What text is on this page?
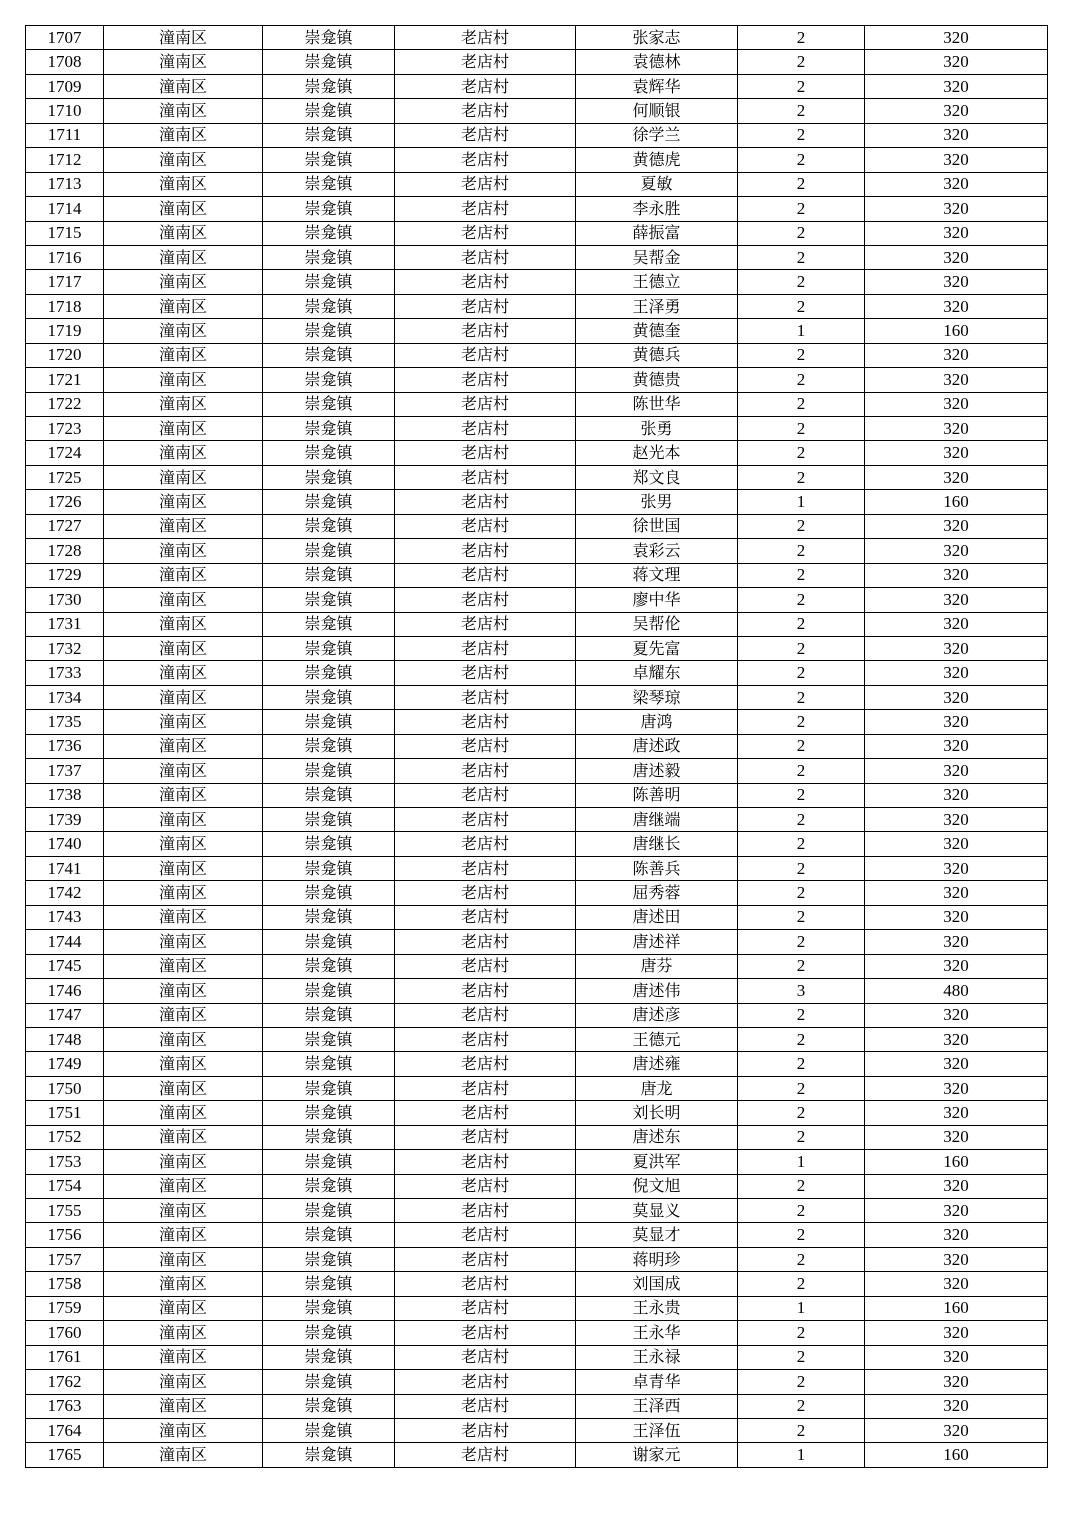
1707	潼南区	崇龛镇	老店村	张家志	2	320
1708	潼南区	崇龛镇	老店村	袁德林	2	320
1709	潼南区	崇龛镇	老店村	袁辉华	2	320
1710	潼南区	崇龛镇	老店村	何顺银	2	320
1711	潼南区	崇龛镇	老店村	徐学兰	2	320
1712	潼南区	崇龛镇	老店村	黄德虎	2	320
1713	潼南区	崇龛镇	老店村	夏敏	2	320
1714	潼南区	崇龛镇	老店村	李永胜	2	320
1715	潼南区	崇龛镇	老店村	薛振富	2	320
1716	潼南区	崇龛镇	老店村	吴帮金	2	320
1717	潼南区	崇龛镇	老店村	王德立	2	320
1718	潼南区	崇龛镇	老店村	王泽勇	2	320
1719	潼南区	崇龛镇	老店村	黄德奎	1	160
1720	潼南区	崇龛镇	老店村	黄德兵	2	320
1721	潼南区	崇龛镇	老店村	黄德贵	2	320
1722	潼南区	崇龛镇	老店村	陈世华	2	320
1723	潼南区	崇龛镇	老店村	张勇	2	320
1724	潼南区	崇龛镇	老店村	赵光本	2	320
1725	潼南区	崇龛镇	老店村	郑文良	2	320
1726	潼南区	崇龛镇	老店村	张男	1	160
1727	潼南区	崇龛镇	老店村	徐世国	2	320
1728	潼南区	崇龛镇	老店村	袁彩云	2	320
1729	潼南区	崇龛镇	老店村	蒋文理	2	320
1730	潼南区	崇龛镇	老店村	廖中华	2	320
1731	潼南区	崇龛镇	老店村	吴帮伦	2	320
1732	潼南区	崇龛镇	老店村	夏先富	2	320
1733	潼南区	崇龛镇	老店村	卓耀东	2	320
1734	潼南区	崇龛镇	老店村	梁琴琼	2	320
1735	潼南区	崇龛镇	老店村	唐鸿	2	320
1736	潼南区	崇龛镇	老店村	唐述政	2	320
1737	潼南区	崇龛镇	老店村	唐述毅	2	320
1738	潼南区	崇龛镇	老店村	陈善明	2	320
1739	潼南区	崇龛镇	老店村	唐继端	2	320
1740	潼南区	崇龛镇	老店村	唐继长	2	320
1741	潼南区	崇龛镇	老店村	陈善兵	2	320
1742	潼南区	崇龛镇	老店村	屈秀蓉	2	320
1743	潼南区	崇龛镇	老店村	唐述田	2	320
1744	潼南区	崇龛镇	老店村	唐述祥	2	320
1745	潼南区	崇龛镇	老店村	唐芬	2	320
1746	潼南区	崇龛镇	老店村	唐述伟	3	480
1747	潼南区	崇龛镇	老店村	唐述彦	2	320
1748	潼南区	崇龛镇	老店村	王德元	2	320
1749	潼南区	崇龛镇	老店村	唐述雍	2	320
1750	潼南区	崇龛镇	老店村	唐龙	2	320
1751	潼南区	崇龛镇	老店村	刘长明	2	320
1752	潼南区	崇龛镇	老店村	唐述东	2	320
1753	潼南区	崇龛镇	老店村	夏洪军	1	160
1754	潼南区	崇龛镇	老店村	倪文旭	2	320
1755	潼南区	崇龛镇	老店村	莫显义	2	320
1756	潼南区	崇龛镇	老店村	莫显才	2	320
1757	潼南区	崇龛镇	老店村	蒋明珍	2	320
1758	潼南区	崇龛镇	老店村	刘国成	2	320
1759	潼南区	崇龛镇	老店村	王永贵	1	160
1760	潼南区	崇龛镇	老店村	王永华	2	320
1761	潼南区	崇龛镇	老店村	王永禄	2	320
1762	潼南区	崇龛镇	老店村	卓青华	2	320
1763	潼南区	崇龛镇	老店村	王泽西	2	320
1764	潼南区	崇龛镇	老店村	王泽伍	2	320
1765	潼南区	崇龛镇	老店村	谢家元	1	160
